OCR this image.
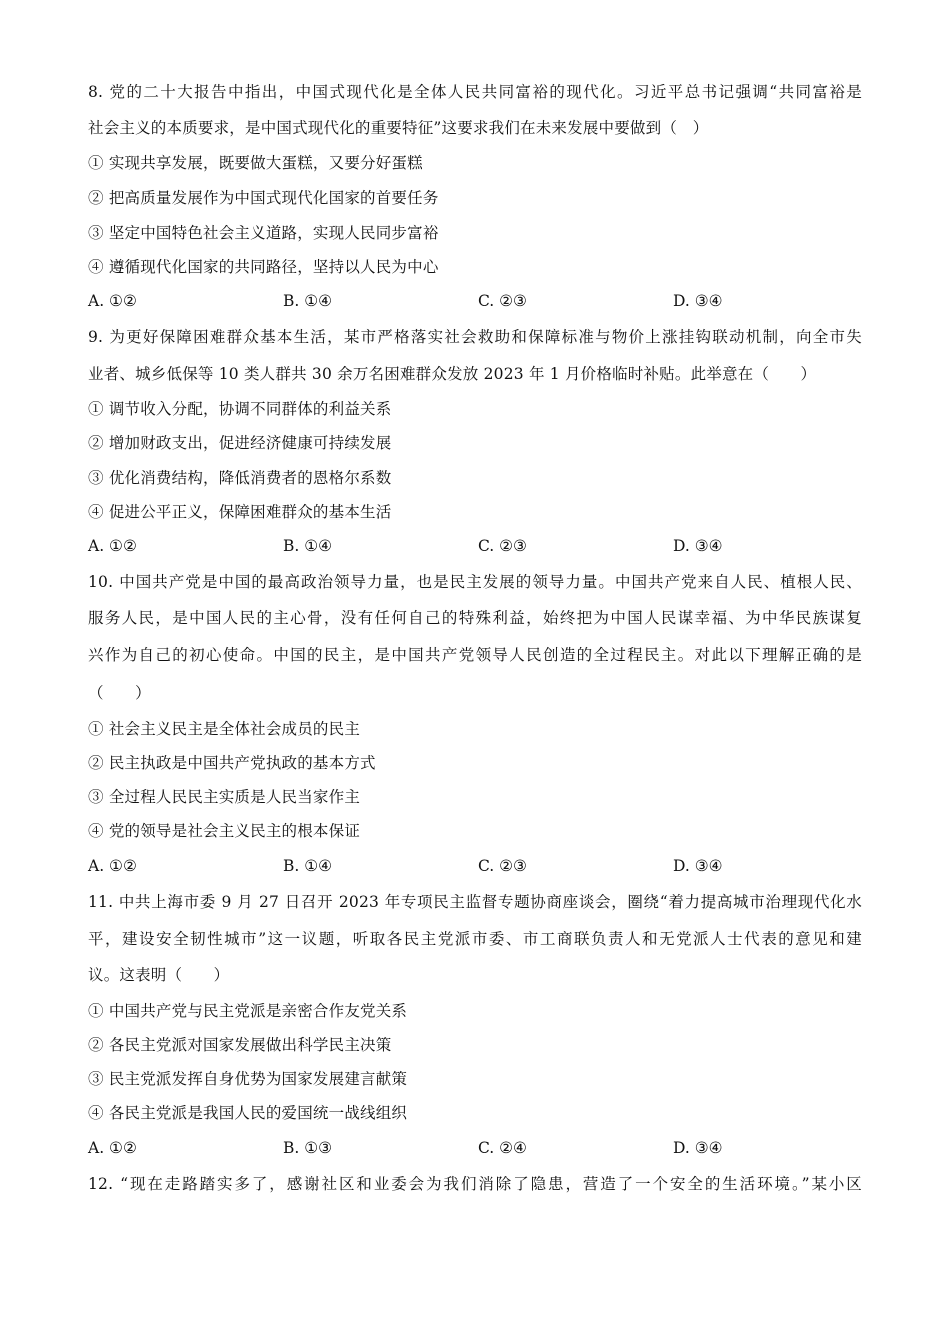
8. 党的二十大报告中指出，中国式现代化是全体人民共同富裕的现代化。习近平总书记强调“共同富裕是
社会主义的本质要求，是中国式现代化的重要特征”这要求我们在未来发展中要做到（　）
① 实现共享发展，既要做大蛋糕，又要分好蛋糕
② 把高质量发展作为中国式现代化国家的首要任务
③ 坚定中国特色社会主义道路，实现人民同步富裕
④ 遵循现代化国家的共同路径，坚持以人民为中心
A. ①②	B. ①④	C. ②③	D. ③④
9. 为更好保障困难群众基本生活，某市严格落实社会救助和保障标准与物价上涨挂钩联动机制，向全市失
业者、城乡低保等 10 类人群共 30 余万名困难群众发放 2023 年 1 月价格临时补贴。此举意在（　　）
① 调节收入分配，协调不同群体的利益关系
② 增加财政支出，促进经济健康可持续发展
③ 优化消费结构，降低消费者的恩格尔系数
④ 促进公平正义，保障困难群众的基本生活
A. ①②	B. ①④	C. ②③	D. ③④
10. 中国共产党是中国的最高政治领导力量，也是民主发展的领导力量。中国共产党来自人民、植根人民、
服务人民，是中国人民的主心骨，没有任何自己的特殊利益，始终把为中国人民谋幸福、为中华民族谋复
兴作为自己的初心使命。中国的民主，是中国共产党领导人民创造的全过程民主。对此以下理解正确的是
（　　）
① 社会主义民主是全体社会成员的民主
② 民主执政是中国共产党执政的基本方式
③ 全过程人民民主实质是人民当家作主
④ 党的领导是社会主义民主的根本保证
A. ①②	B. ①④	C. ②③	D. ③④
11. 中共上海市委 9 月 27 日召开 2023 年专项民主监督专题协商座谈会，圈绕“着力提高城市治理现代化水
平，建设安全韧性城市”这一议题，听取各民主党派市委、市工商联负责人和无党派人士代表的意见和建
议。这表明（　　）
① 中国共产党与民主党派是亲密合作友党关系
② 各民主党派对国家发展做出科学民主决策
③ 民主党派发挥自身优势为国家发展建言献策
④ 各民主党派是我国人民的爱国统一战线组织
A. ①②	B. ①③	C. ②④	D. ③④
12. “现在走路踏实多了，感谢社区和业委会为我们消除了隐患，营造了一个安全的生活环境。”某小区
